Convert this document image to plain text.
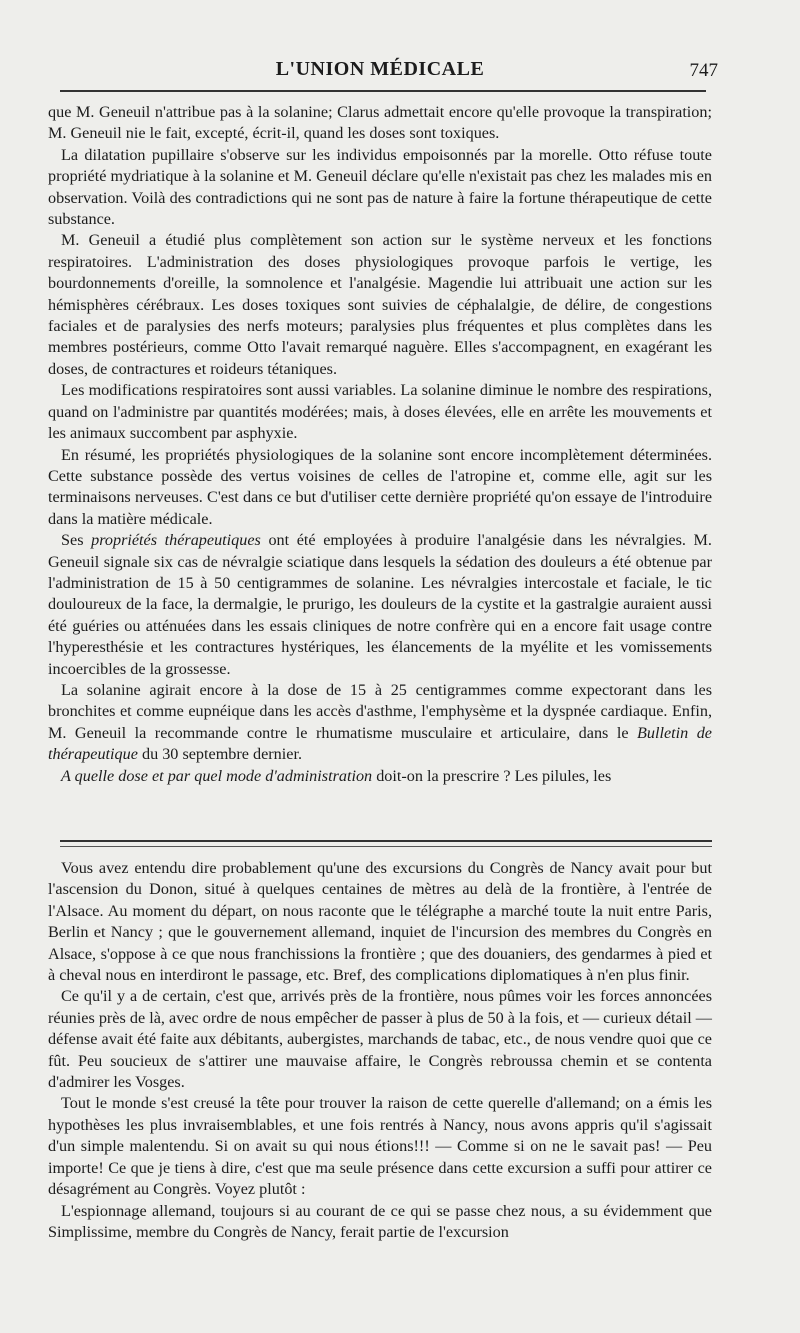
L'UNION MÉDICALE	747

que M. Geneuil n'attribue pas à la solanine; Clarus admettait encore qu'elle provoque la transpiration; M. Geneuil nie le fait, excepté, écrit-il, quand les doses sont toxiques.

La dilatation pupillaire s'observe sur les individus empoisonnés par la morelle. Otto réfuse toute propriété mydriatique à la solanine et M. Geneuil déclare qu'elle n'existait pas chez les malades mis en observation. Voilà des contradictions qui ne sont pas de nature à faire la fortune thérapeutique de cette substance.

M. Geneuil a étudié plus complètement son action sur le système nerveux et les fonctions respiratoires. L'administration des doses physiologiques provoque parfois le vertige, les bourdonnements d'oreille, la somnolence et l'analgésie. Magendie lui attribuait une action sur les hémisphères cérébraux. Les doses toxiques sont suivies de céphalalgie, de délire, de congestions faciales et de paralysies des nerfs moteurs; paralysies plus fréquentes et plus complètes dans les membres postérieurs, comme Otto l'avait remarqué naguère. Elles s'accompagnent, en exagérant les doses, de contractures et roideurs tétaniques.

Les modifications respiratoires sont aussi variables. La solanine diminue le nombre des respirations, quand on l'administre par quantités modérées; mais, à doses élevées, elle en arrête les mouvements et les animaux succombent par asphyxie.

En résumé, les propriétés physiologiques de la solanine sont encore incomplètement déterminées. Cette substance possède des vertus voisines de celles de l'atropine et, comme elle, agit sur les terminaisons nerveuses. C'est dans ce but d'utiliser cette dernière propriété qu'on essaye de l'introduire dans la matière médicale.

Ses propriétés thérapeutiques ont été employées à produire l'analgésie dans les névralgies. M. Geneuil signale six cas de névralgie sciatique dans lesquels la sédation des douleurs a été obtenue par l'administration de 15 à 50 centigrammes de solanine. Les névralgies intercostale et faciale, le tic douloureux de la face, la dermalgie, le prurigo, les douleurs de la cystite et la gastralgie auraient aussi été guéries ou atténuées dans les essais cliniques de notre confrère qui en a encore fait usage contre l'hyperesthésie et les contractures hystériques, les élancements de la myélite et les vomissements incoercibles de la grossesse.

La solanine agirait encore à la dose de 15 à 25 centigrammes comme expectorant dans les bronchites et comme eupnéique dans les accès d'asthme, l'emphysème et la dyspnée cardiaque. Enfin, M. Geneuil la recommande contre le rhumatisme musculaire et articulaire, dans le Bulletin de thérapeutique du 30 septembre dernier.

A quelle dose et par quel mode d'administration doit-on la prescrire ? Les pilules, les

Vous avez entendu dire probablement qu'une des excursions du Congrès de Nancy avait pour but l'ascension du Donon, situé à quelques centaines de mètres au delà de la frontière, à l'entrée de l'Alsace. Au moment du départ, on nous raconte que le télégraphe a marché toute la nuit entre Paris, Berlin et Nancy ; que le gouvernement allemand, inquiet de l'incursion des membres du Congrès en Alsace, s'oppose à ce que nous franchissions la frontière ; que des douaniers, des gendarmes à pied et à cheval nous en interdiront le passage, etc. Bref, des complications diplomatiques à n'en plus finir.

Ce qu'il y a de certain, c'est que, arrivés près de la frontière, nous pûmes voir les forces annoncées réunies près de là, avec ordre de nous empêcher de passer à plus de 50 à la fois, et — curieux détail — défense avait été faite aux débitants, aubergistes, marchands de tabac, etc., de nous vendre quoi que ce fût. Peu soucieux de s'attirer une mauvaise affaire, le Congrès rebroussa chemin et se contenta d'admirer les Vosges.

Tout le monde s'est creusé la tête pour trouver la raison de cette querelle d'allemand; on a émis les hypothèses les plus invraisemblables, et une fois rentrés à Nancy, nous avons appris qu'il s'agissait d'un simple malentendu. Si on avait su qui nous étions!!! — Comme si on ne le savait pas! — Peu importe! Ce que je tiens à dire, c'est que ma seule présence dans cette excursion a suffi pour attirer ce désagrément au Congrès. Voyez plutôt :

L'espionnage allemand, toujours si au courant de ce qui se passe chez nous, a su évidemment que Simplissime, membre du Congrès de Nancy, ferait partie de l'excursion
